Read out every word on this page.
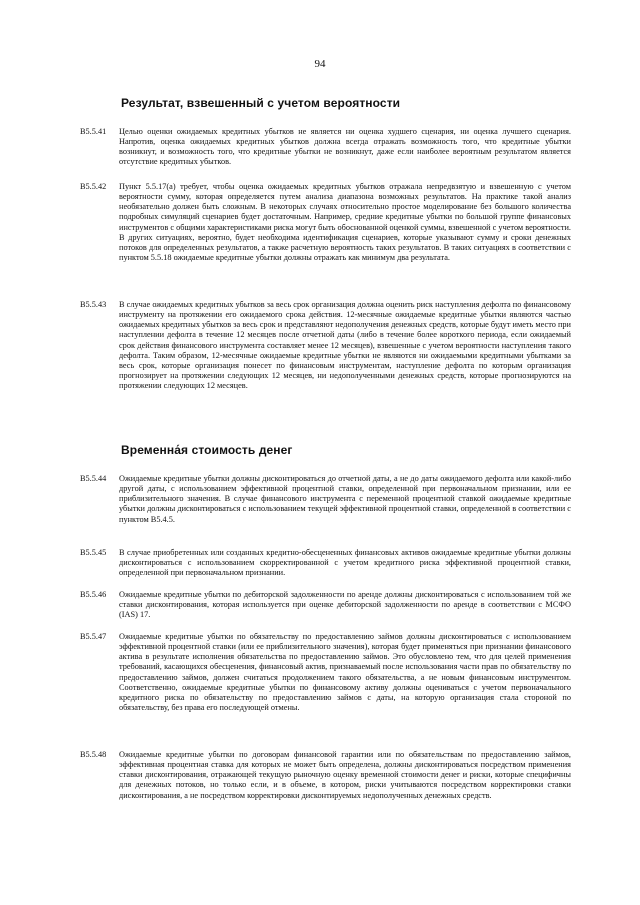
94
Результат, взвешенный с учетом вероятности
B5.5.41	Целью оценки ожидаемых кредитных убытков не является ни оценка худшего сценария, ни оценка лучшего сценария. Напротив, оценка ожидаемых кредитных убытков должна всегда отражать возможность того, что кредитные убытки возникнут, и возможность того, что кредитные убытки не возникнут, даже если наиболее вероятным результатом является отсутствие кредитных убытков.
B5.5.42	Пункт 5.5.17(а) требует, чтобы оценка ожидаемых кредитных убытков отражала непредвзятую и взвешенную с учетом вероятности сумму, которая определяется путем анализа диапазона возможных результатов. На практике такой анализ необязательно должен быть сложным. В некоторых случаях относительно простое моделирование без большого количества подробных симуляций сценариев будет достаточным. Например, средние кредитные убытки по большой группе финансовых инструментов с общими характеристиками риска могут быть обоснованной оценкой суммы, взвешенной с учетом вероятности. В других ситуациях, вероятно, будет необходима идентификация сценариев, которые указывают сумму и сроки денежных потоков для определенных результатов, а также расчетную вероятность таких результатов. В таких ситуациях в соответствии с пунктом 5.5.18 ожидаемые кредитные убытки должны отражать как минимум два результата.
B5.5.43	В случае ожидаемых кредитных убытков за весь срок организация должна оценить риск наступления дефолта по финансовому инструменту на протяжении его ожидаемого срока действия. 12-месячные ожидаемые кредитные убытки являются частью ожидаемых кредитных убытков за весь срок и представляют недополучения денежных средств, которые будут иметь место при наступлении дефолта в течение 12 месяцев после отчетной даты (либо в течение более короткого периода, если ожидаемый срок действия финансового инструмента составляет менее 12 месяцев), взвешенные с учетом вероятности наступления такого дефолта. Таким образом, 12-месячные ожидаемые кредитные убытки не являются ни ожидаемыми кредитными убытками за весь срок, которые организация понесет по финансовым инструментам, наступление дефолта по которым организация прогнозирует на протяжении следующих 12 месяцев, ни недополученными денежных средств, которые прогнозируются на протяжении следующих 12 месяцев.
Временна́я стоимость денег
B5.5.44	Ожидаемые кредитные убытки должны дисконтироваться до отчетной даты, а не до даты ожидаемого дефолта или какой-либо другой даты, с использованием эффективной процентной ставки, определенной при первоначальном признании, или ее приблизительного значения. В случае финансового инструмента с переменной процентной ставкой ожидаемые кредитные убытки должны дисконтироваться с использованием текущей эффективной процентной ставки, определенной в соответствии с пунктом B5.4.5.
B5.5.45	В случае приобретенных или созданных кредитно-обесцененных финансовых активов ожидаемые кредитные убытки должны дисконтироваться с использованием скорректированной с учетом кредитного риска эффективной процентной ставки, определенной при первоначальном признании.
B5.5.46	Ожидаемые кредитные убытки по дебиторской задолженности по аренде должны дисконтироваться с использованием той же ставки дисконтирования, которая используется при оценке дебиторской задолженности по аренде в соответствии с МСФО (IAS) 17.
B5.5.47	Ожидаемые кредитные убытки по обязательству по предоставлению займов должны дисконтироваться с использованием эффективной процентной ставки (или ее приблизительного значения), которая будет применяться при признании финансового актива в результате исполнения обязательства по предоставлению займов. Это обусловлено тем, что для целей применения требований, касающихся обесценения, финансовый актив, признаваемый после использования части прав по обязательству по предоставлению займов, должен считаться продолжением такого обязательства, а не новым финансовым инструментом. Соответственно, ожидаемые кредитные убытки по финансовому активу должны оцениваться с учетом первоначального кредитного риска по обязательству по предоставлению займов с даты, на которую организация стала стороной по обязательству, без права его последующей отмены.
B5.5.48	Ожидаемые кредитные убытки по договорам финансовой гарантии или по обязательствам по предоставлению займов, эффективная процентная ставка для которых не может быть определена, должны дисконтироваться посредством применения ставки дисконтирования, отражающей текущую рыночную оценку временной стоимости денег и риски, которые специфичны для денежных потоков, но только если, и в объеме, в котором, риски учитываются посредством корректировки ставки дисконтирования, а не посредством корректировки дисконтируемых недополученных денежных средств.
